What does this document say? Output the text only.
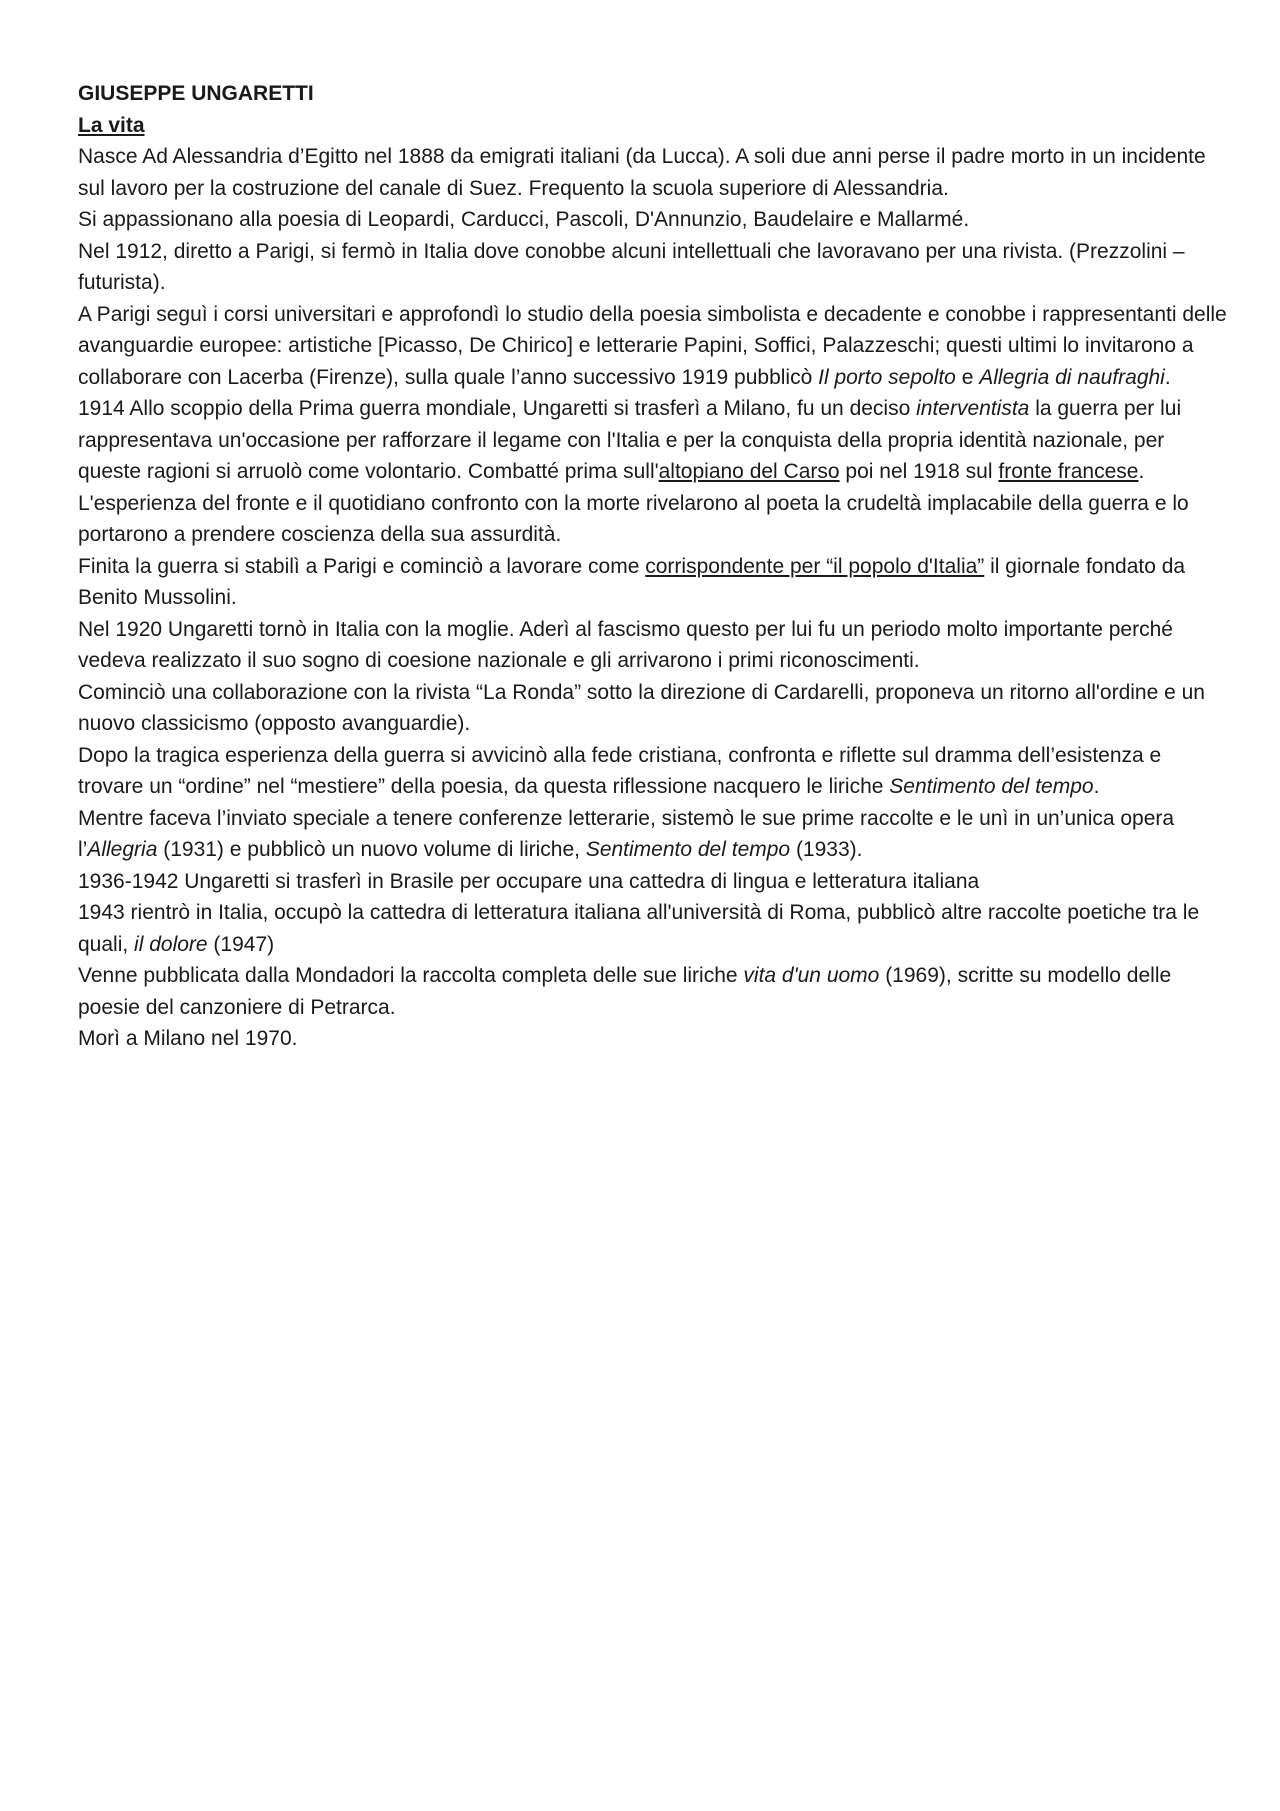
GIUSEPPE UNGARETTI
La vita

Nasce Ad Alessandria d’Egitto nel 1888 da emigrati italiani (da Lucca). A soli due anni perse il padre morto in un incidente sul lavoro per la costruzione del canale di Suez. Frequento la scuola superiore di Alessandria.

Si appassionano alla poesia di Leopardi, Carducci, Pascoli, D'Annunzio, Baudelaire e Mallarmé.

Nel 1912, diretto a Parigi, si fermò in Italia dove conobbe alcuni intellettuali che lavoravano per una rivista. (Prezzolini – futurista).

A Parigi seguì i corsi universitari e approfondì lo studio della poesia simbolista e decadente e conobbe i rappresentanti delle avanguardie europee: artistiche [Picasso, De Chirico] e letterarie Papini, Soffici, Palazzeschi; questi ultimi lo invitarono a collaborare con Lacerba (Firenze), sulla quale l’anno successivo 1919 pubblicò Il porto sepolto e Allegria di naufraghi.

1914 Allo scoppio della Prima guerra mondiale, Ungaretti si trasferì a Milano, fu un deciso interventista la guerra per lui rappresentava un'occasione per rafforzare il legame con l'Italia e per la conquista della propria identità nazionale, per queste ragioni si arruolò come volontario. Combatté prima sull'altopiano del Carso poi nel 1918 sul fronte francese. L'esperienza del fronte e il quotidiano confronto con la morte rivelarono al poeta la crudeltà implacabile della guerra e lo portarono a prendere coscienza della sua assurdità.

Finita la guerra si stabilì a Parigi e cominciò a lavorare come corrispondente per “il popolo d'Italia” il giornale fondato da Benito Mussolini.

Nel 1920 Ungaretti tornò in Italia con la moglie. Aderì al fascismo questo per lui fu un periodo molto importante perché vedeva realizzato il suo sogno di coesione nazionale e gli arrivarono i primi riconoscimenti.

Cominciò una collaborazione con la rivista “La Ronda” sotto la direzione di Cardarelli, proponeva un ritorno all'ordine e un nuovo classicismo (opposto avanguardie).

Dopo la tragica esperienza della guerra si avvicinò alla fede cristiana, confronta e riflette sul dramma dell’esistenza e trovare un “ordine” nel “mestiere” della poesia, da questa riflessione nacquero le liriche Sentimento del tempo.

Mentre faceva l’inviato speciale a tenere conferenze letterarie, sistemò le sue prime raccolte e le unì in un’unica opera l’Allegria (1931) e pubblicò un nuovo volume di liriche, Sentimento del tempo (1933).

1936-1942 Ungaretti si trasferì in Brasile per occupare una cattedra di lingua e letteratura italiana

1943 rientrò in Italia, occupò la cattedra di letteratura italiana all'università di Roma, pubblicò altre raccolte poetiche tra le quali, il dolore (1947)

Venne pubblicata dalla Mondadori la raccolta completa delle sue liriche vita d'un uomo (1969), scritte su modello delle poesie del canzoniere di Petrarca.

Morì a Milano nel 1970.
